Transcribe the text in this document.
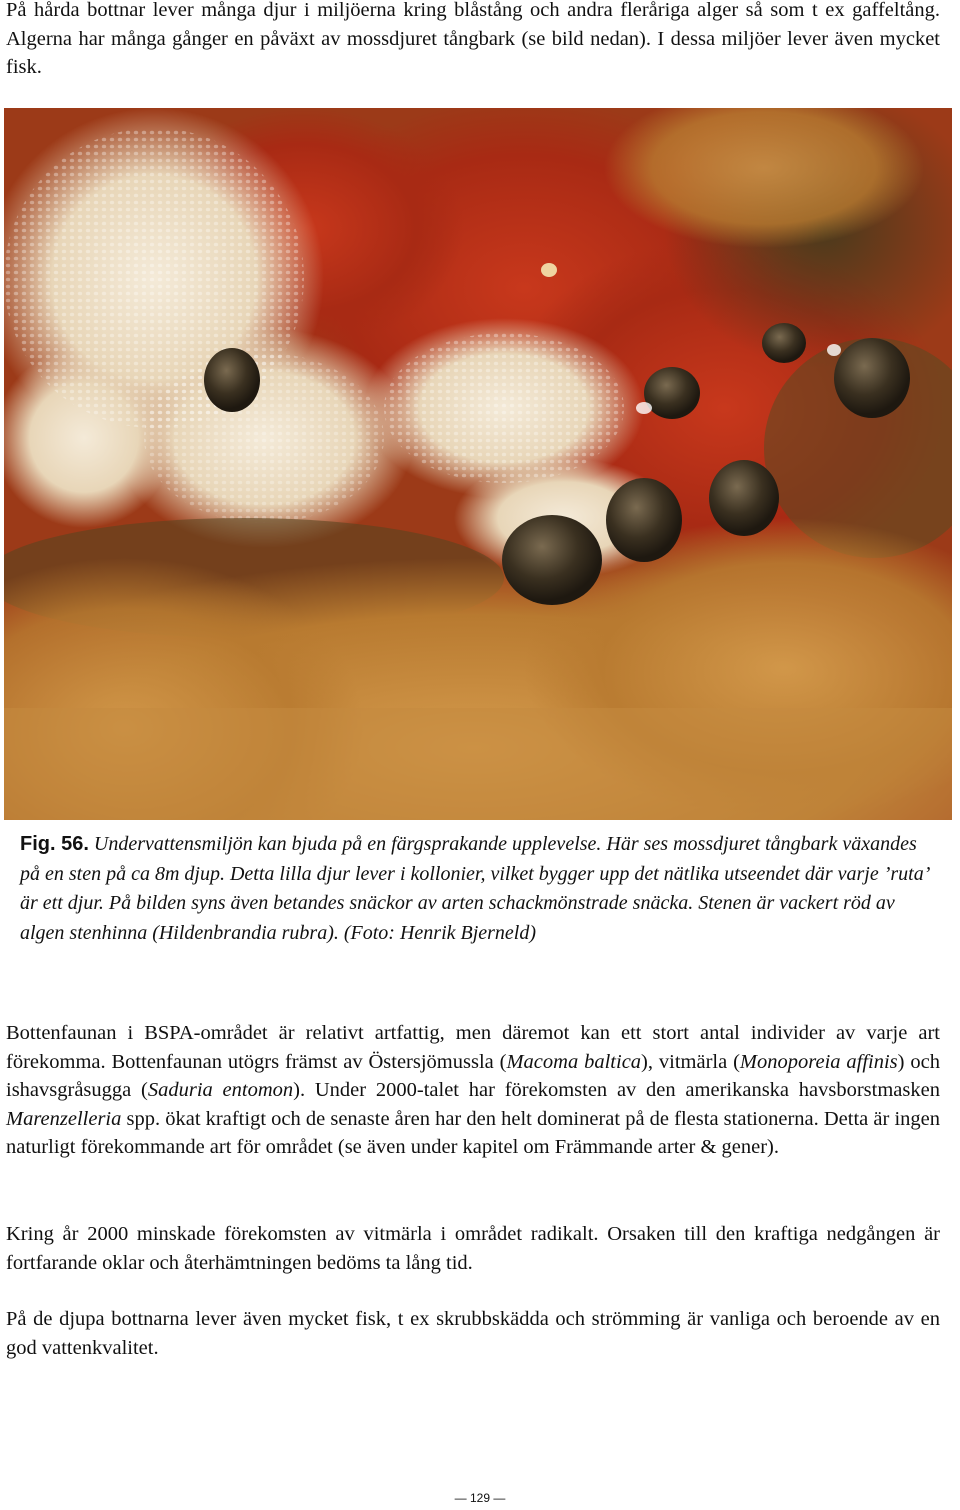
På hårda bottnar lever många djur i miljöerna kring blåstång och andra fleråriga alger så som t ex gaffeltång. Algerna har många gånger en påväxt av mossdjuret tångbark (se bild nedan). I dessa miljöer lever även mycket fisk.

Fig. 56. Undervattensmiljön kan bjuda på en färgsprakande upplevelse. Här ses mossdjuret tångbark växandes på en sten på ca 8m djup. Detta lilla djur lever i kollonier, vilket bygger upp det nätlika utseendet där varje ’ruta’ är ett djur. På bilden syns även betandes snäckor av arten schackmönstrade snäcka. Stenen är vackert röd av algen stenhinna (Hildenbrandia rubra). (Foto: Henrik Bjerneld)

Bottenfaunan i BSPA-området är relativt artfattig, men däremot kan ett stort antal individer av varje art förekomma. Bottenfaunan utögrs främst av Östersjömussla (Macoma baltica), vitmärla (Monoporeia affinis) och ishavsgråsugga (Saduria entomon). Under 2000-talet har förekomsten av den amerikanska havsborstmasken Marenzelleria spp. ökat kraftigt och de senaste åren har den helt dominerat på de flesta stationerna. Detta är ingen naturligt förekommande art för området (se även under kapitel om Främmande arter & gener).

Kring år 2000 minskade förekomsten av vitmärla i området radikalt. Orsaken till den kraftiga nedgången är fortfarande oklar och återhämtningen bedöms ta lång tid.

På de djupa bottnarna lever även mycket fisk, t ex skrubbskädda och strömming är vanliga och beroende av en god vattenkvalitet.

— 129 —
